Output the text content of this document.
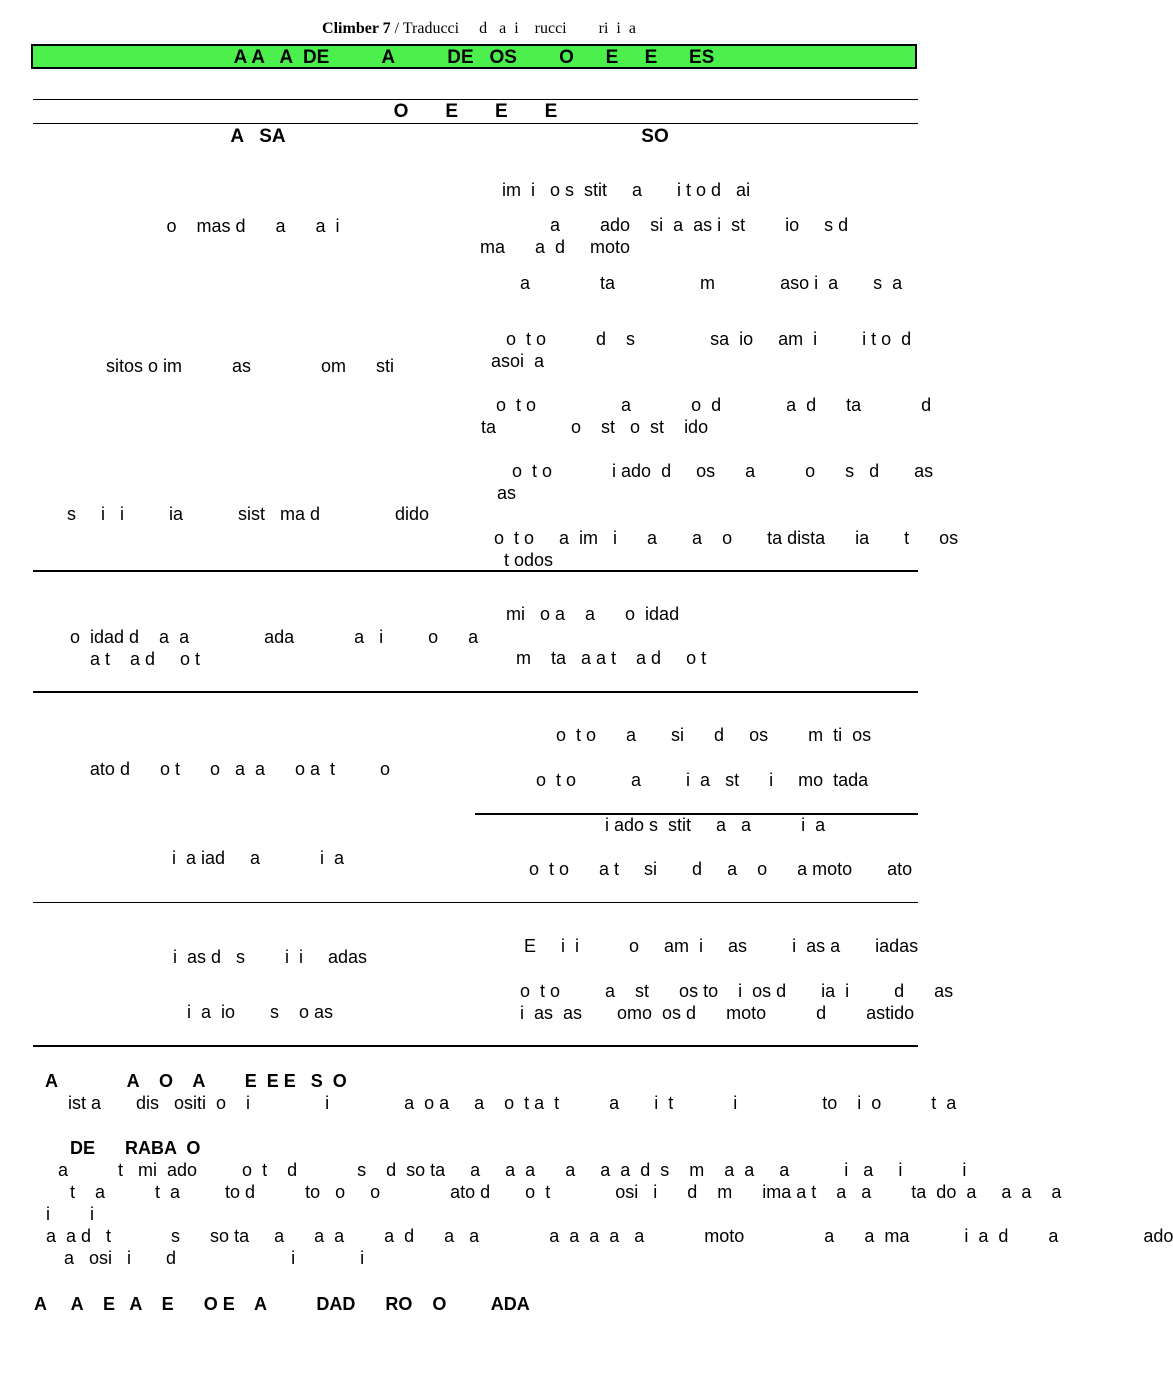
Climber 7 / Traducci     d   a  i    rucci        ri  i  a

A A   A  DE          A          DE   OS        O      E     E      ES
O       E       E       E
A   SA	SO
o    mas d      a      a  i
im  i   o s  stit     a       i t o d   ai
a        ado    si  a  as i  st        io     s d
ma      a  d     moto
a              ta                 m             aso i  a       s  a
sitos o im          as              om      sti
o  t o          d    s               sa  io     am  i         i t o  d
asoi  a
o  t o                 a            o  d             a  d      ta            d
ta               o    st   o  st    ido
s     i   i         ia           sist   ma d               dido
o  t o            i ado  d     os      a          o      s   d       as
as
o  t o     a  im   i      a       a    o       ta distа      ia       t      os
t odos
o  idad d    a  a               ada            a   i         o      a
a t    a d     o t
mi   o a    a      o  idad
m    ta   a a t    a d     o t
ato d      o t      o   a  a      o a  t         o
o  t o      a       si      d     os        m  ti  os
o  t o           a         i  a   st      i     mo  tada
i  a iad     a            i  a
i ado s  stit     a   a          i  a
o  t o      a t     si       d     a    o      a moto       ato
i  as d   s        i  i     adas
i  a  io       s    o as
E     i  i          o     am  i     as         i  as a       iadas
o  t o         a    st      os to    i  os d       ia  i         d      as
i  as  as       omo  os d      moto          d        astido
A              A    O    A        E  E E   S  O
ist a       dis   ositi  o    i               i               a  o a     a    o  t a  t          a       i  t            i                 to    i  o          t  a
DE      RABA  O
a          t   mi  ado         o  t    d            s    d  so ta     a     a  a      a     a  a  d  s    m    a  a     a           i   a     i            i
t    a          t  a         to d          to   o     o              ato d       o  t             osi   i      d    m      ima a t    a   a        ta  do  a     a  a    a
i        i
a  a d   t            s      so ta     a      a  a        a  d      a   a              a  a  a  a   a            moto                a      a  ma           i  a  d        a                 ado
a   osi   i       d                       i             i
A     A    E   A    E      O E    A          DAD      RO    O         ADA
